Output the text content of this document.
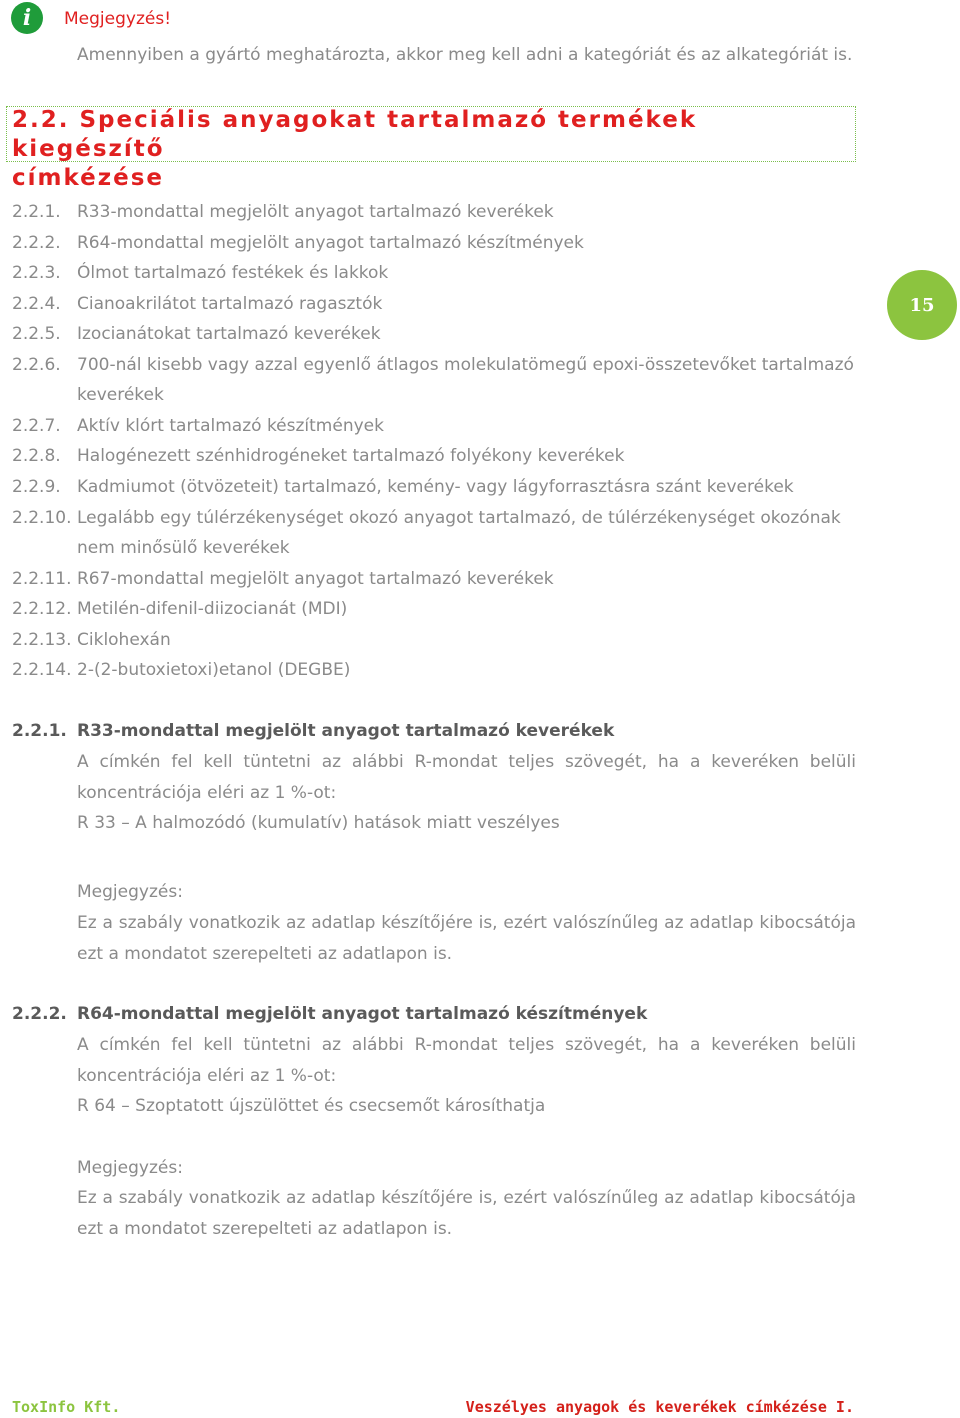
i	Megjegyzés!
Amennyiben a gyártó meghatározta, akkor meg kell adni a kategóriát és az alkategóriát is.
2.2. Speciális anyagokat tartalmazó termékek kiegészítő
címkézése
15
2.2.1. R33-mondattal megjelölt anyagot tartalmazó keverékek
2.2.2. R64-mondattal megjelölt anyagot tartalmazó készítmények
2.2.3. Ólmot tartalmazó festékek és lakkok
2.2.4. Cianoakrilátot tartalmazó ragasztók
2.2.5. Izocianátokat tartalmazó keverékek
2.2.6. 700-nál kisebb vagy azzal egyenlő átlagos molekulatömegű epoxi-összetevőket tartalmazó
keverékek
2.2.7. Aktív klórt tartalmazó készítmények
2.2.8. Halogénezett szénhidrogéneket tartalmazó folyékony keverékek
2.2.9. Kadmiumot (ötvözeteit) tartalmazó, kemény- vagy lágyforrasztásra szánt keverékek
2.2.10. Legalább egy túlérzékenységet okozó anyagot tartalmazó, de túlérzékenységet okozónak
nem minősülő keverékek
2.2.11. R67-mondattal megjelölt anyagot tartalmazó keverékek
2.2.12. Metilén-difenil-diizocianát (MDI)
2.2.13. Ciklohexán
2.2.14. 2-(2-butoxietoxi)etanol (DEGBE)
2.2.1. R33-mondattal megjelölt anyagot tartalmazó keverékek
A címkén fel kell tüntetni az alábbi R-mondat teljes szövegét, ha a keveréken belüli
koncentrációja eléri az 1 %-ot:
R 33 – A halmozódó (kumulatív) hatások miatt veszélyes
Megjegyzés:
Ez a szabály vonatkozik az adatlap készítőjére is, ezért valószínűleg az adatlap kibocsátója
ezt a mondatot szerepelteti az adatlapon is.
2.2.2. R64-mondattal megjelölt anyagot tartalmazó készítmények
A címkén fel kell tüntetni az alábbi R-mondat teljes szövegét, ha a keveréken belüli
koncentrációja eléri az 1 %-ot:
R 64 – Szoptatott újszülöttet és csecsemőt károsíthatja
Megjegyzés:
Ez a szabály vonatkozik az adatlap készítőjére is, ezért valószínűleg az adatlap kibocsátója
ezt a mondatot szerepelteti az adatlapon is.
ToxInfo Kft.	Veszélyes anyagok és keverékek címkézése I.
